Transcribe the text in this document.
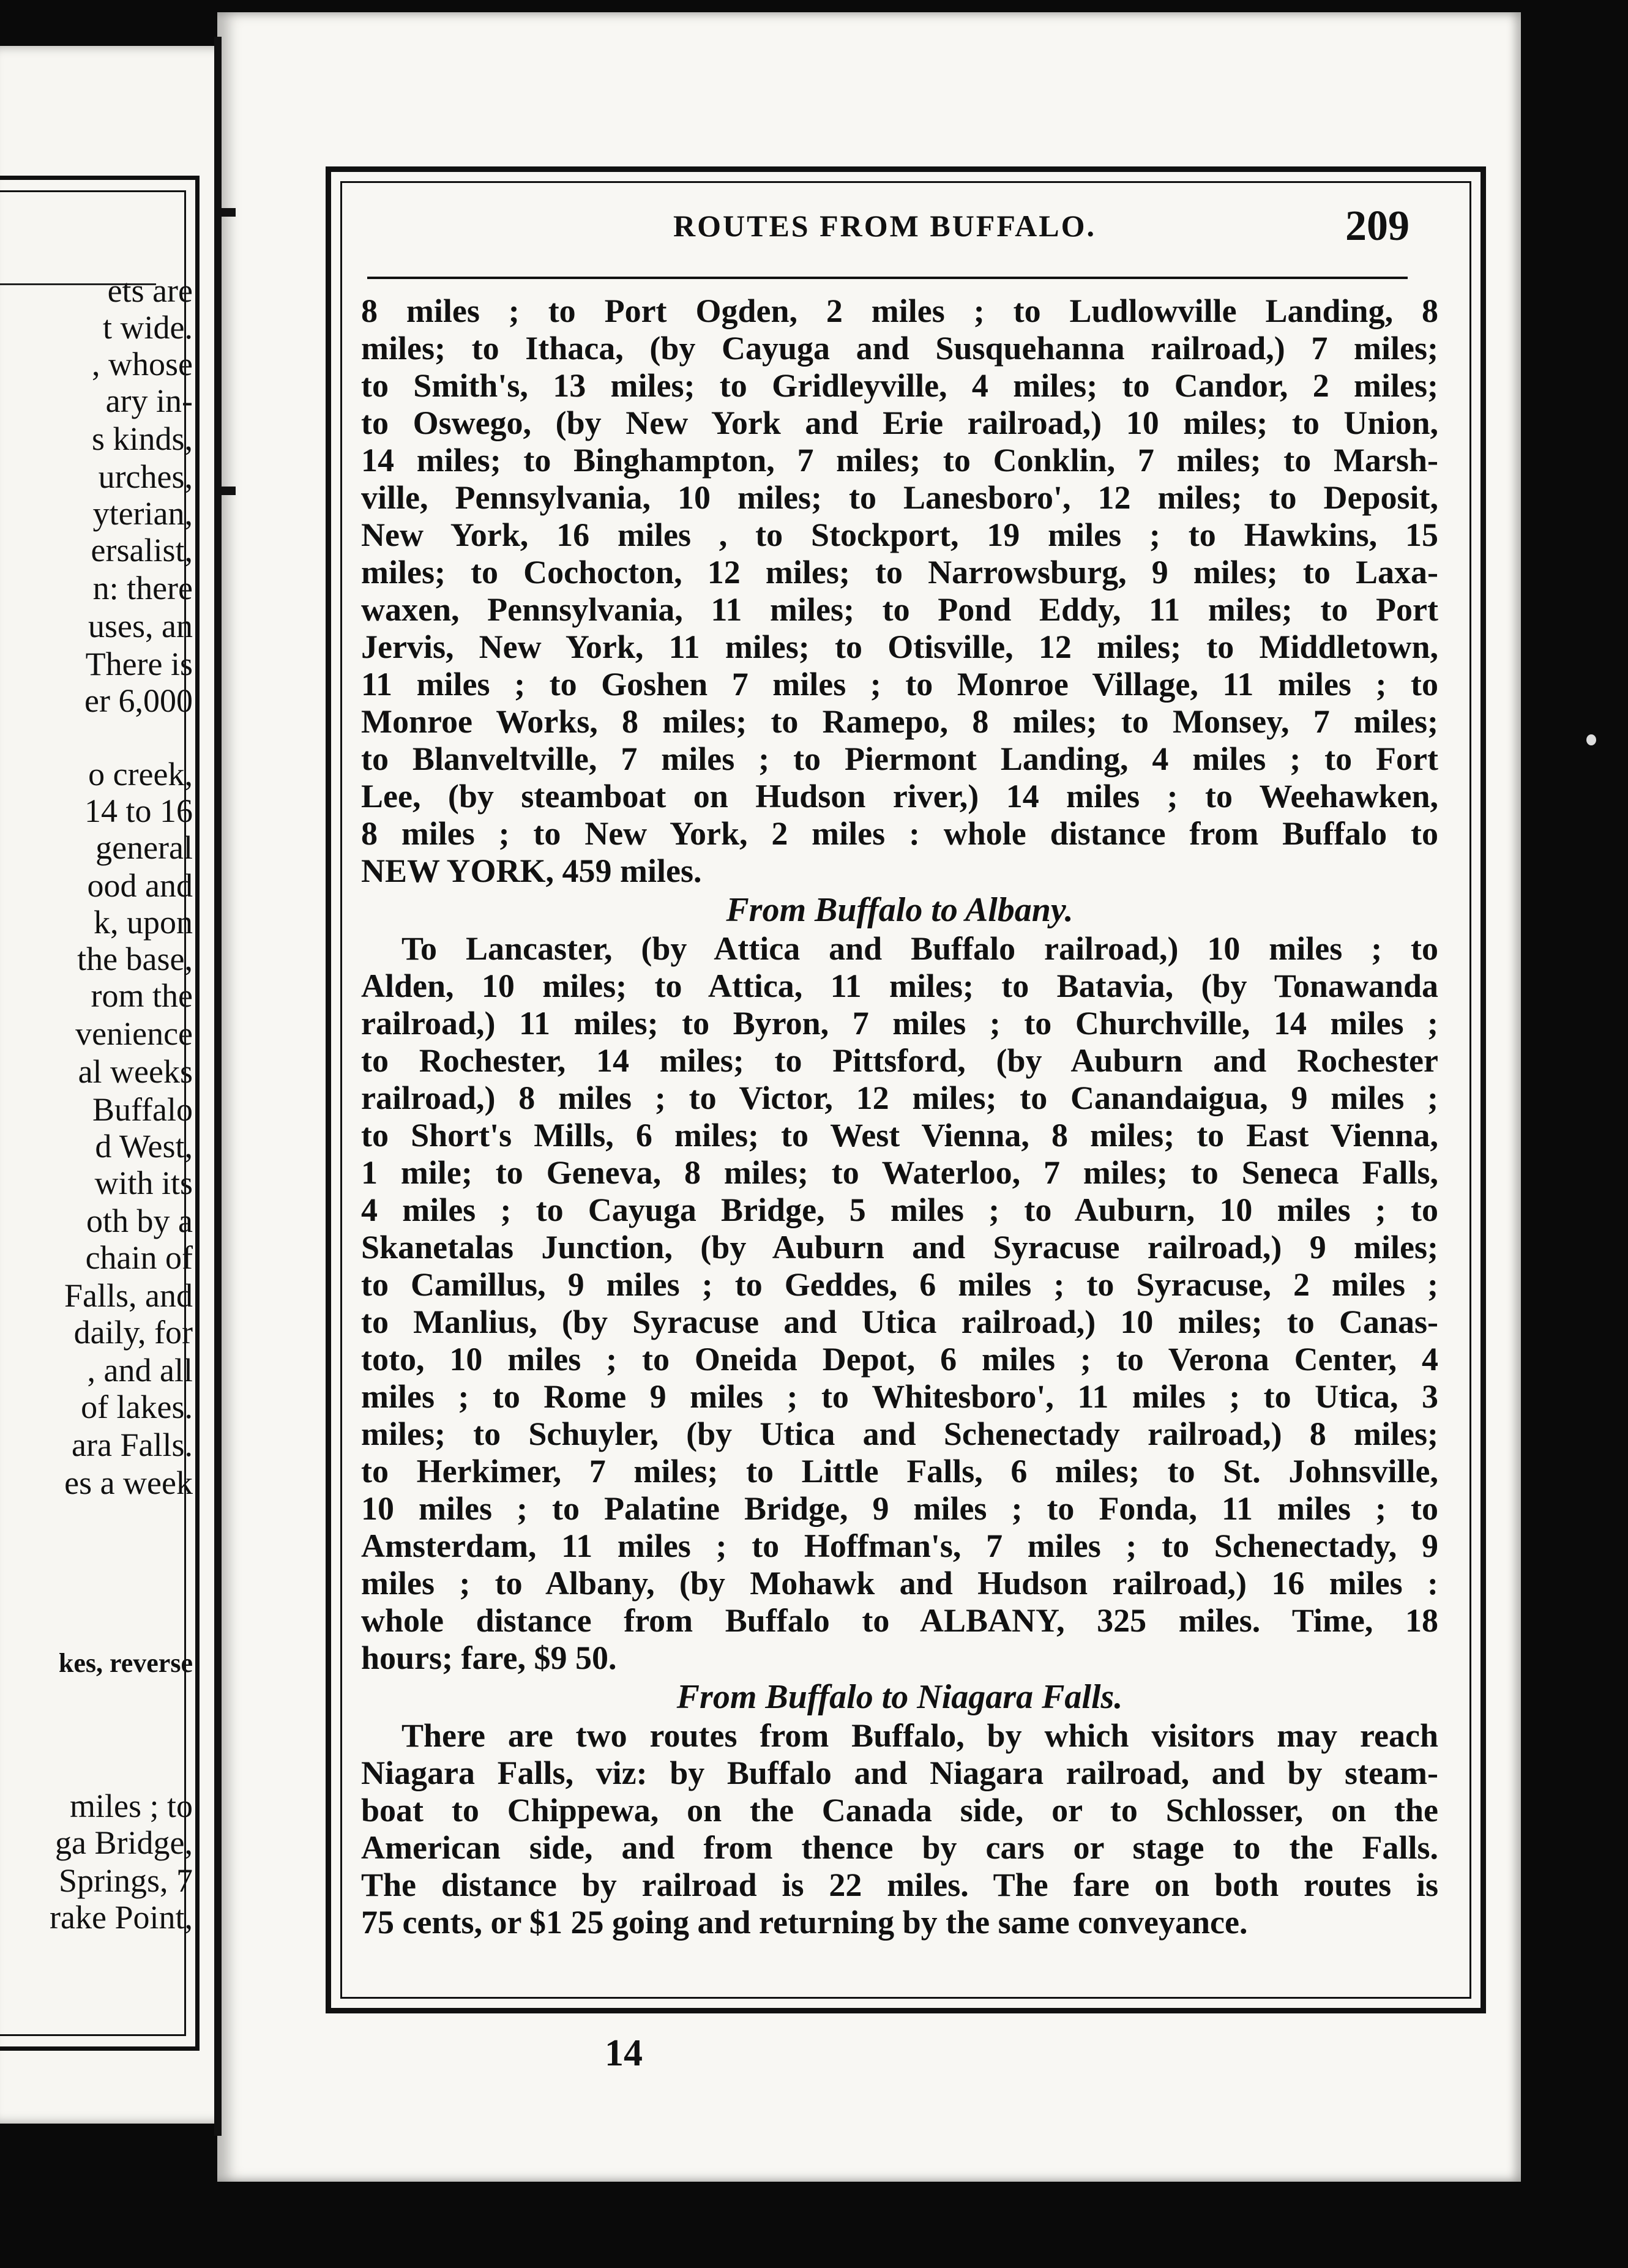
ets are
t wide.
, whose
ary in-
s kinds,
urches,
yterian,
ersalist,
n: there
uses, an
There is
er 6,000
o creek,
14 to 16
general
ood and
k, upon
the base,
rom the
venience
al weeks
Buffalo
d West,
with its
oth by a
chain of
Falls, and
daily, for
, and all
of lakes.
ara Falls.
es a week
kes, reverse
miles ; to
ga Bridge,
Springs, 7
rake Point,
ROUTES FROM BUFFALO.	209
8 miles ; to Port Ogden, 2 miles ; to Ludlowville Landing, 8
miles; to Ithaca, (by Cayuga and Susquehanna railroad,) 7 miles;
to Smith's, 13 miles; to Gridleyville, 4 miles; to Candor, 2 miles;
to Oswego, (by New York and Erie railroad,) 10 miles; to Union,
14 miles; to Binghampton, 7 miles; to Conklin, 7 miles; to Marsh-
ville, Pennsylvania, 10 miles; to Lanesboro', 12 miles; to Deposit,
New York, 16 miles , to Stockport, 19 miles ; to Hawkins, 15
miles; to Cochocton, 12 miles; to Narrowsburg, 9 miles; to Laxa-
waxen, Pennsylvania, 11 miles; to Pond Eddy, 11 miles; to Port
Jervis, New York, 11 miles; to Otisville, 12 miles; to Middletown,
11 miles ; to Goshen 7 miles ; to Monroe Village, 11 miles ; to
Monroe Works, 8 miles; to Ramepo, 8 miles; to Monsey, 7 miles;
to Blanveltville, 7 miles ; to Piermont Landing, 4 miles ; to Fort
Lee, (by steamboat on Hudson river,) 14 miles ; to Weehawken,
8 miles ; to New York, 2 miles : whole distance from Buffalo to
NEW YORK, 459 miles.
From Buffalo to Albany.
To Lancaster, (by Attica and Buffalo railroad,) 10 miles ; to
Alden, 10 miles; to Attica, 11 miles; to Batavia, (by Tonawanda
railroad,) 11 miles; to Byron, 7 miles ; to Churchville, 14 miles ;
to Rochester, 14 miles; to Pittsford, (by Auburn and Rochester
railroad,) 8 miles ; to Victor, 12 miles; to Canandaigua, 9 miles ;
to Short's Mills, 6 miles; to West Vienna, 8 miles; to East Vienna,
1 mile; to Geneva, 8 miles; to Waterloo, 7 miles; to Seneca Falls,
4 miles ; to Cayuga Bridge, 5 miles ; to Auburn, 10 miles ; to
Skanetalas Junction, (by Auburn and Syracuse railroad,) 9 miles;
to Camillus, 9 miles ; to Geddes, 6 miles ; to Syracuse, 2 miles ;
to Manlius, (by Syracuse and Utica railroad,) 10 miles; to Canas-
toto, 10 miles ; to Oneida Depot, 6 miles ; to Verona Center, 4
miles ; to Rome 9 miles ; to Whitesboro', 11 miles ; to Utica, 3
miles; to Schuyler, (by Utica and Schenectady railroad,) 8 miles;
to Herkimer, 7 miles; to Little Falls, 6 miles; to St. Johnsville,
10 miles ; to Palatine Bridge, 9 miles ; to Fonda, 11 miles ; to
Amsterdam, 11 miles ; to Hoffman's, 7 miles ; to Schenectady, 9
miles ; to Albany, (by Mohawk and Hudson railroad,) 16 miles :
whole distance from Buffalo to ALBANY, 325 miles. Time, 18
hours; fare, $9 50.
From Buffalo to Niagara Falls.
There are two routes from Buffalo, by which visitors may reach
Niagara Falls, viz: by Buffalo and Niagara railroad, and by steam-
boat to Chippewa, on the Canada side, or to Schlosser, on the
American side, and from thence by cars or stage to the Falls.
The distance by railroad is 22 miles. The fare on both routes is
75 cents, or $1 25 going and returning by the same conveyance.
14
